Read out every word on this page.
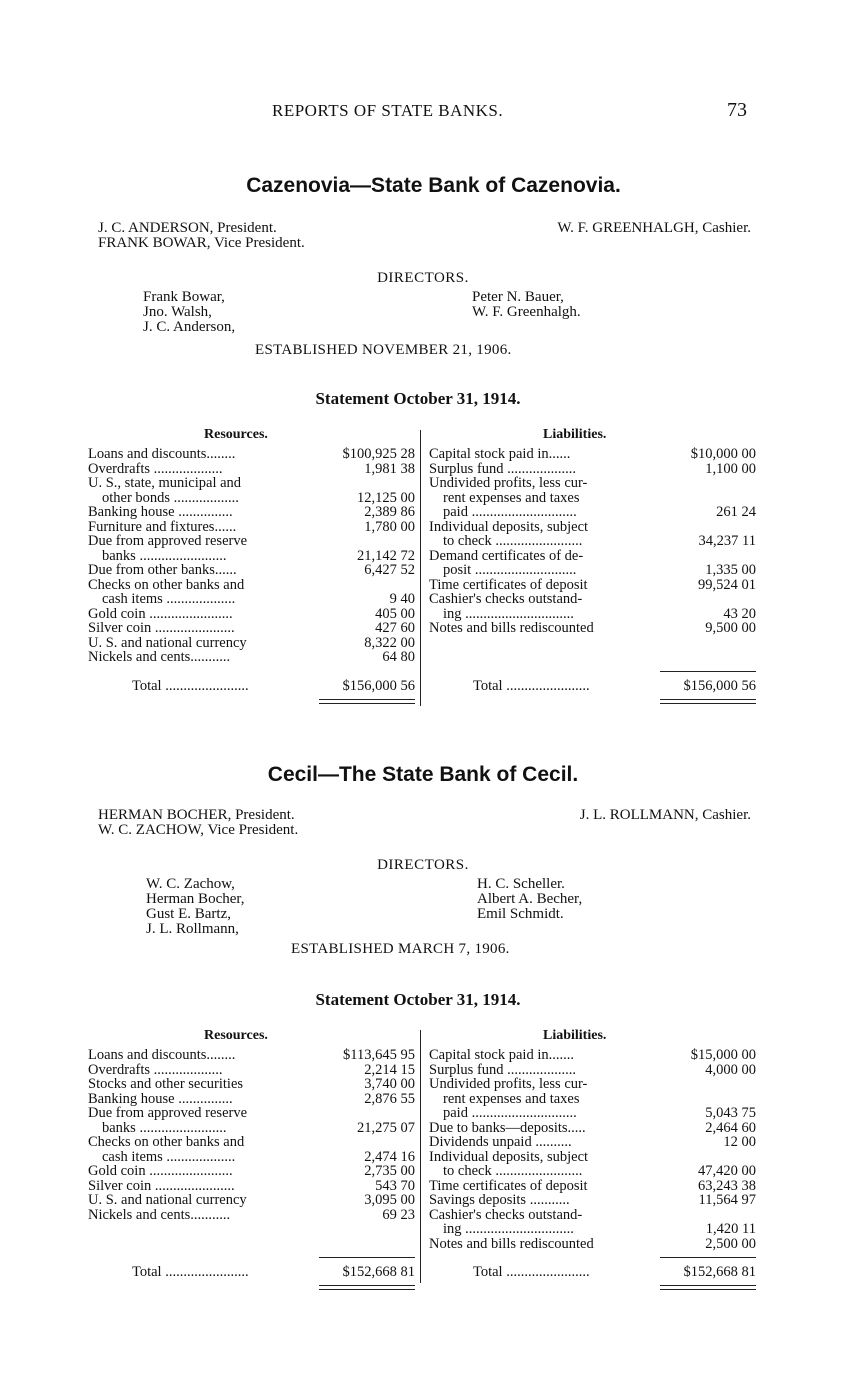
REPORTS OF STATE BANKS.	73
Cazenovia—State Bank of Cazenovia.
J. C. ANDERSON, President.
FRANK BOWAR, Vice President.
W. F. GREENHALGH, Cashier.
DIRECTORS.
Frank Bowar,
Jno. Walsh,
J. C. Anderson,
Peter N. Bauer,
W. F. Greenhalgh.
ESTABLISHED NOVEMBER 21, 1906.
Statement October 31, 1914.
Resources.	Liabilities.
Loans and discounts........	$100,925 28
Overdrafts ...................	1,981 38
U. S., state, municipal and
other bonds ..................	12,125 00
Banking house ...............	2,389 86
Furniture and fixtures......	1,780 00
Due from approved reserve
banks ........................	21,142 72
Due from other banks......	6,427 52
Checks on other banks and
cash items ...................	9 40
Gold coin .......................	405 00
Silver coin ......................	427 60
U. S. and national currency	8,322 00
Nickels and cents...........	64 80
Capital stock paid in......	$10,000 00
Surplus fund ...................	1,100 00
Undivided profits, less cur-
rent expenses and taxes
paid .............................	261 24
Individual deposits, subject
to check ........................	34,237 11
Demand certificates of de-
posit ............................	1,335 00
Time certificates of deposit	99,524 01
Cashier's checks outstand-
ing ..............................	43 20
Notes and bills rediscounted	9,500 00
Total .......................	$156,000 56	Total .......................	$156,000 56
Cecil—The State Bank of Cecil.
HERMAN BOCHER, President.
W. C. ZACHOW, Vice President.
J. L. ROLLMANN, Cashier.
DIRECTORS.
W. C. Zachow,
Herman Bocher,
Gust E. Bartz,
J. L. Rollmann,
H. C. Scheller.
Albert A. Becher,
Emil Schmidt.
ESTABLISHED MARCH 7, 1906.
Statement October 31, 1914.
Resources.	Liabilities.
Loans and discounts........	$113,645 95
Overdrafts ...................	2,214 15
Stocks and other securities	3,740 00
Banking house ...............	2,876 55
Due from approved reserve
banks ........................	21,275 07
Checks on other banks and
cash items ...................	2,474 16
Gold coin .......................	2,735 00
Silver coin ......................	543 70
U. S. and national currency	3,095 00
Nickels and cents...........	69 23
Capital stock paid in.......	$15,000 00
Surplus fund ...................	4,000 00
Undivided profits, less cur-
rent expenses and taxes
paid .............................	5,043 75
Due to banks—deposits.....	2,464 60
Dividends unpaid ..........	12 00
Individual deposits, subject
to check ........................	47,420 00
Time certificates of deposit	63,243 38
Savings deposits ...........	11,564 97
Cashier's checks outstand-
ing ..............................	1,420 11
Notes and bills rediscounted	2,500 00
Total .......................	$152,668 81	Total .......................	$152,668 81
